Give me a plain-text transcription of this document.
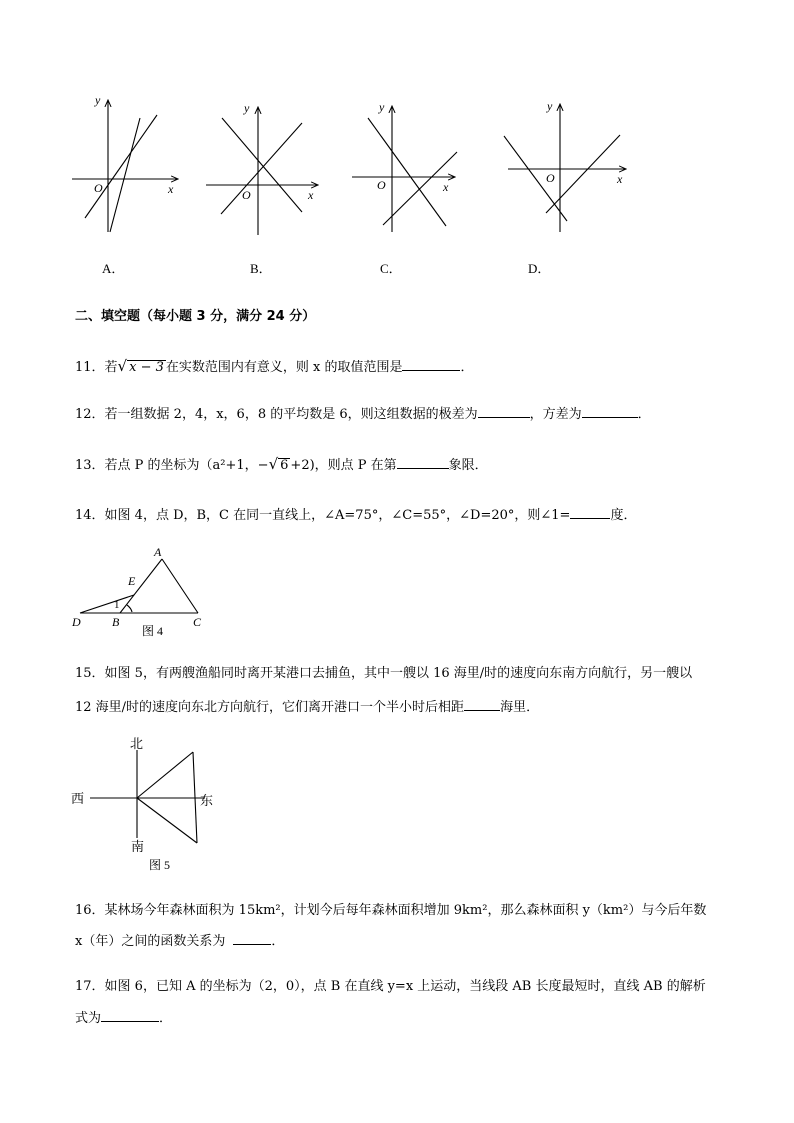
x
y
O	x
y
O
x
y
O	x
y
O
A．	B．	C．	D．
二、填空题（每小题 3 分，满分 24 分）
11．若√ x − 3 在实数范围内有意义，则 x 的取值范围是	．
12．若一组数据 2，4，x，6，8 的平均数是 6，则这组数据的极差为	，方差为	．
13．若点 P 的坐标为（a²+1，−√ 6 +2)，则点 P 在第	象限．
14．如图 4，点 D，B，C 在同一直线上，∠A=75°，∠C=55°，∠D=20°，则∠1=	度．
A
E
D	B	C
1
图 4
15．如图 5，有两艘渔船同时离开某港口去捕鱼，其中一艘以 16 海里/时的速度向东南方向航行，另一艘以
12 海里/时的速度向东北方向航行，它们离开港口一个半小时后相距	海里．
北
西	东
南
图 5
16．某林场今年森林面积为 15km²，计划今后每年森林面积增加 9km²，那么森林面积 y（km²）与今后年数
x（年）之间的函数关系为	．
17．如图 6，已知 A 的坐标为（2，0），点 B 在直线 y=x 上运动，当线段 AB 长度最短时，直线 AB 的解析
式为	．
